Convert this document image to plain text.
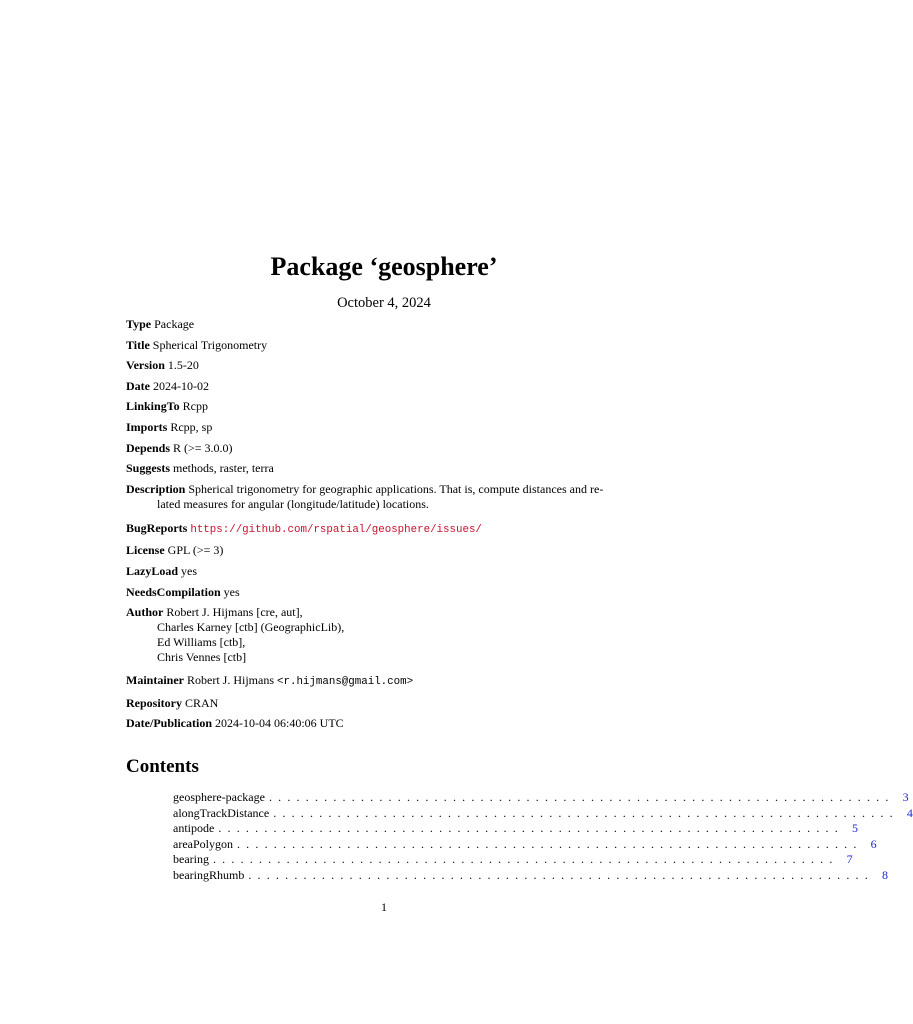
Package ‘geosphere’
October 4, 2024
Type Package
Title Spherical Trigonometry
Version 1.5-20
Date 2024-10-02
LinkingTo Rcpp
Imports Rcpp, sp
Depends R (>= 3.0.0)
Suggests methods, raster, terra
Description Spherical trigonometry for geographic applications. That is, compute distances and re-
lated measures for angular (longitude/latitude) locations.
BugReports https://github.com/rspatial/geosphere/issues/
License GPL (>= 3)
LazyLoad yes
NeedsCompilation yes
Author Robert J. Hijmans [cre, aut],
Charles Karney [ctb] (GeographicLib),
Ed Williams [ctb],
Chris Vennes [ctb]
Maintainer Robert J. Hijmans <r.hijmans@gmail.com>
Repository CRAN
Date/Publication 2024-10-04 06:40:06 UTC
Contents
geosphere-package .................................................................... 3
alongTrackDistance .................................................................... 4
antipode .................................................................... 5
areaPolygon .................................................................... 6
bearing .................................................................... 7
bearingRhumb .................................................................... 8
1
